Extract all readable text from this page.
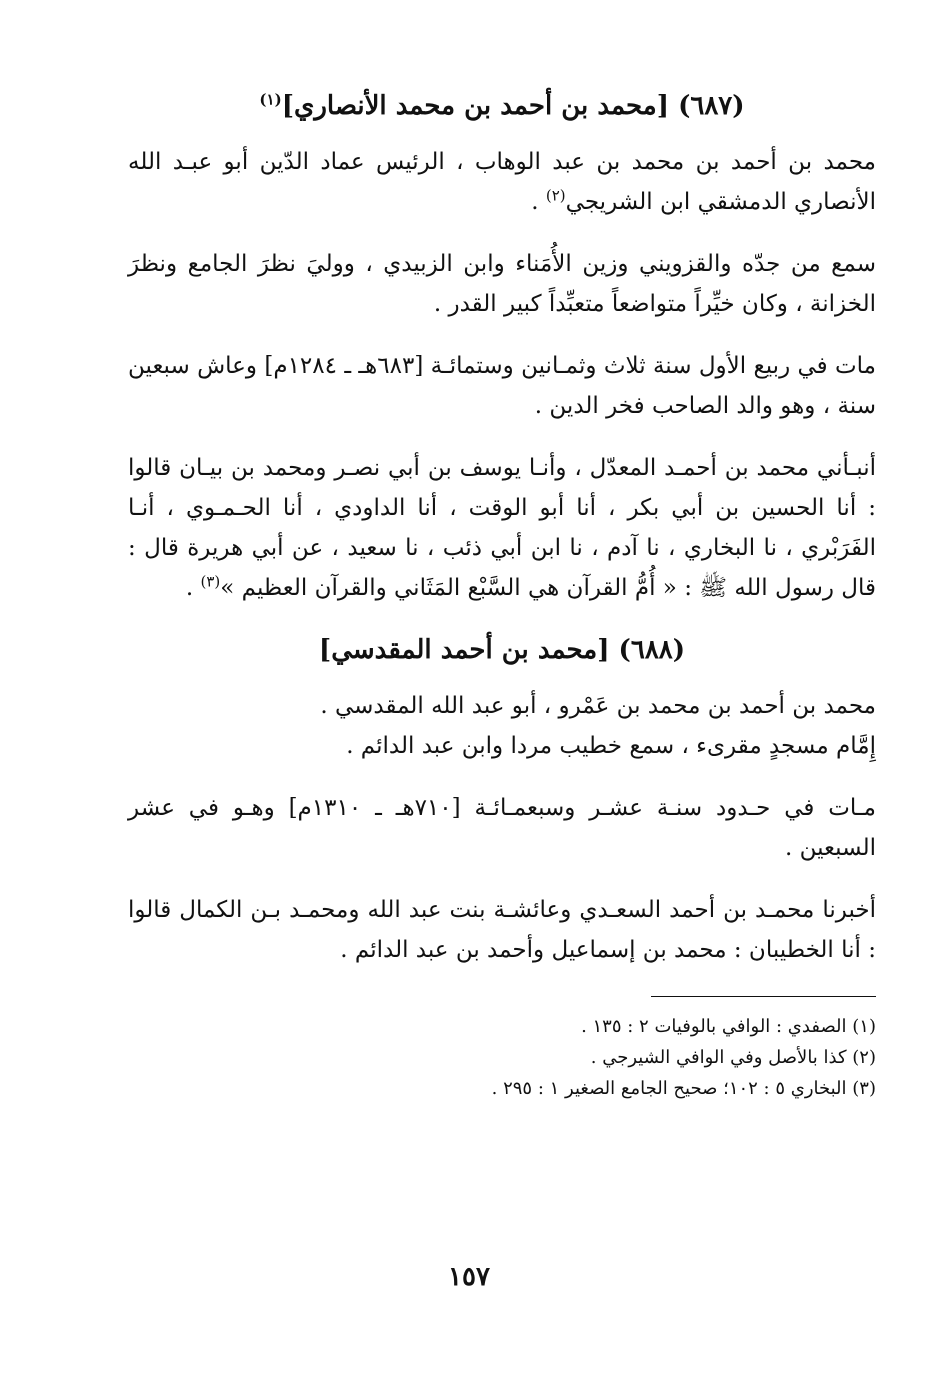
(٦٨٧) [محمد بن أحمد بن محمد الأنصاري]$^{(١)}$
محمد بن أحمد بن محمد بن عبد الوهاب ، الرئيس عماد الدّين أبو عبـد الله الأنصاري الدمشقي ابن الشريجي$^{(٢)}$ .
سمع من جدّه والقزويني وزين الأُمَناء وابن الزبيدي ، ووليَ نظرَ الجامع ونظرَ الخزانة ، وكان خيِّراً متواضعاً متعبِّداً كبير القدر .
مات في ربيع الأول سنة ثلاث وثمـانين وستمائـة [٦٨٣هـ ـ ١٢٨٤م] وعاش سبعين سنة ، وهو والد الصاحب فخر الدين .
أنبـأني محمد بن أحمـد المعدّل ، وأنـا يوسف بن أبي نصـر ومحمد بن بيـان قالوا : أنا الحسين بن أبي بكر ، أنا أبو الوقت ، أنا الداودي ، أنا الحـمـوي ، أنـا الفَرَبْري ، نا البخاري ، نا آدم ، نا ابن أبي ذئب ، نا سعيد ، عن أبي هريرة قال : قال رسول الله ﷺ : « أُمُّ القرآن هي السَّبْع المَثَاني والقرآن العظيم »$^{(٣)}$ .
(٦٨٨) [محمد بن أحمد المقدسي]
محمد بن أحمد بن محمد بن عَمْرو ، أبو عبد الله المقدسي .
إِمَّام مسجدٍ مقرىء ، سمع خطيب مردا وابن عبد الدائم .
مـات في حـدود سنـة عشـر وسبعمـائـة [٧١٠هـ ـ ١٣١٠م] وهـو في عشر السبعين .
أخبرنا محمـد بن أحمد السعـدي وعائشـة بنت عبد الله ومحمـد بـن الكمال قالوا : أنا الخطيبان : محمد بن إسماعيل وأحمد بن عبد الدائم .
(١) الصفدي : الوافي بالوفيات ٢ : ١٣٥ .
(٢) كذا بالأصل وفي الوافي الشيرجي .
(٣) البخاري ٥ : ١٠٢؛ صحيح الجامع الصغير ١ : ٢٩٥ .
١٥٧
